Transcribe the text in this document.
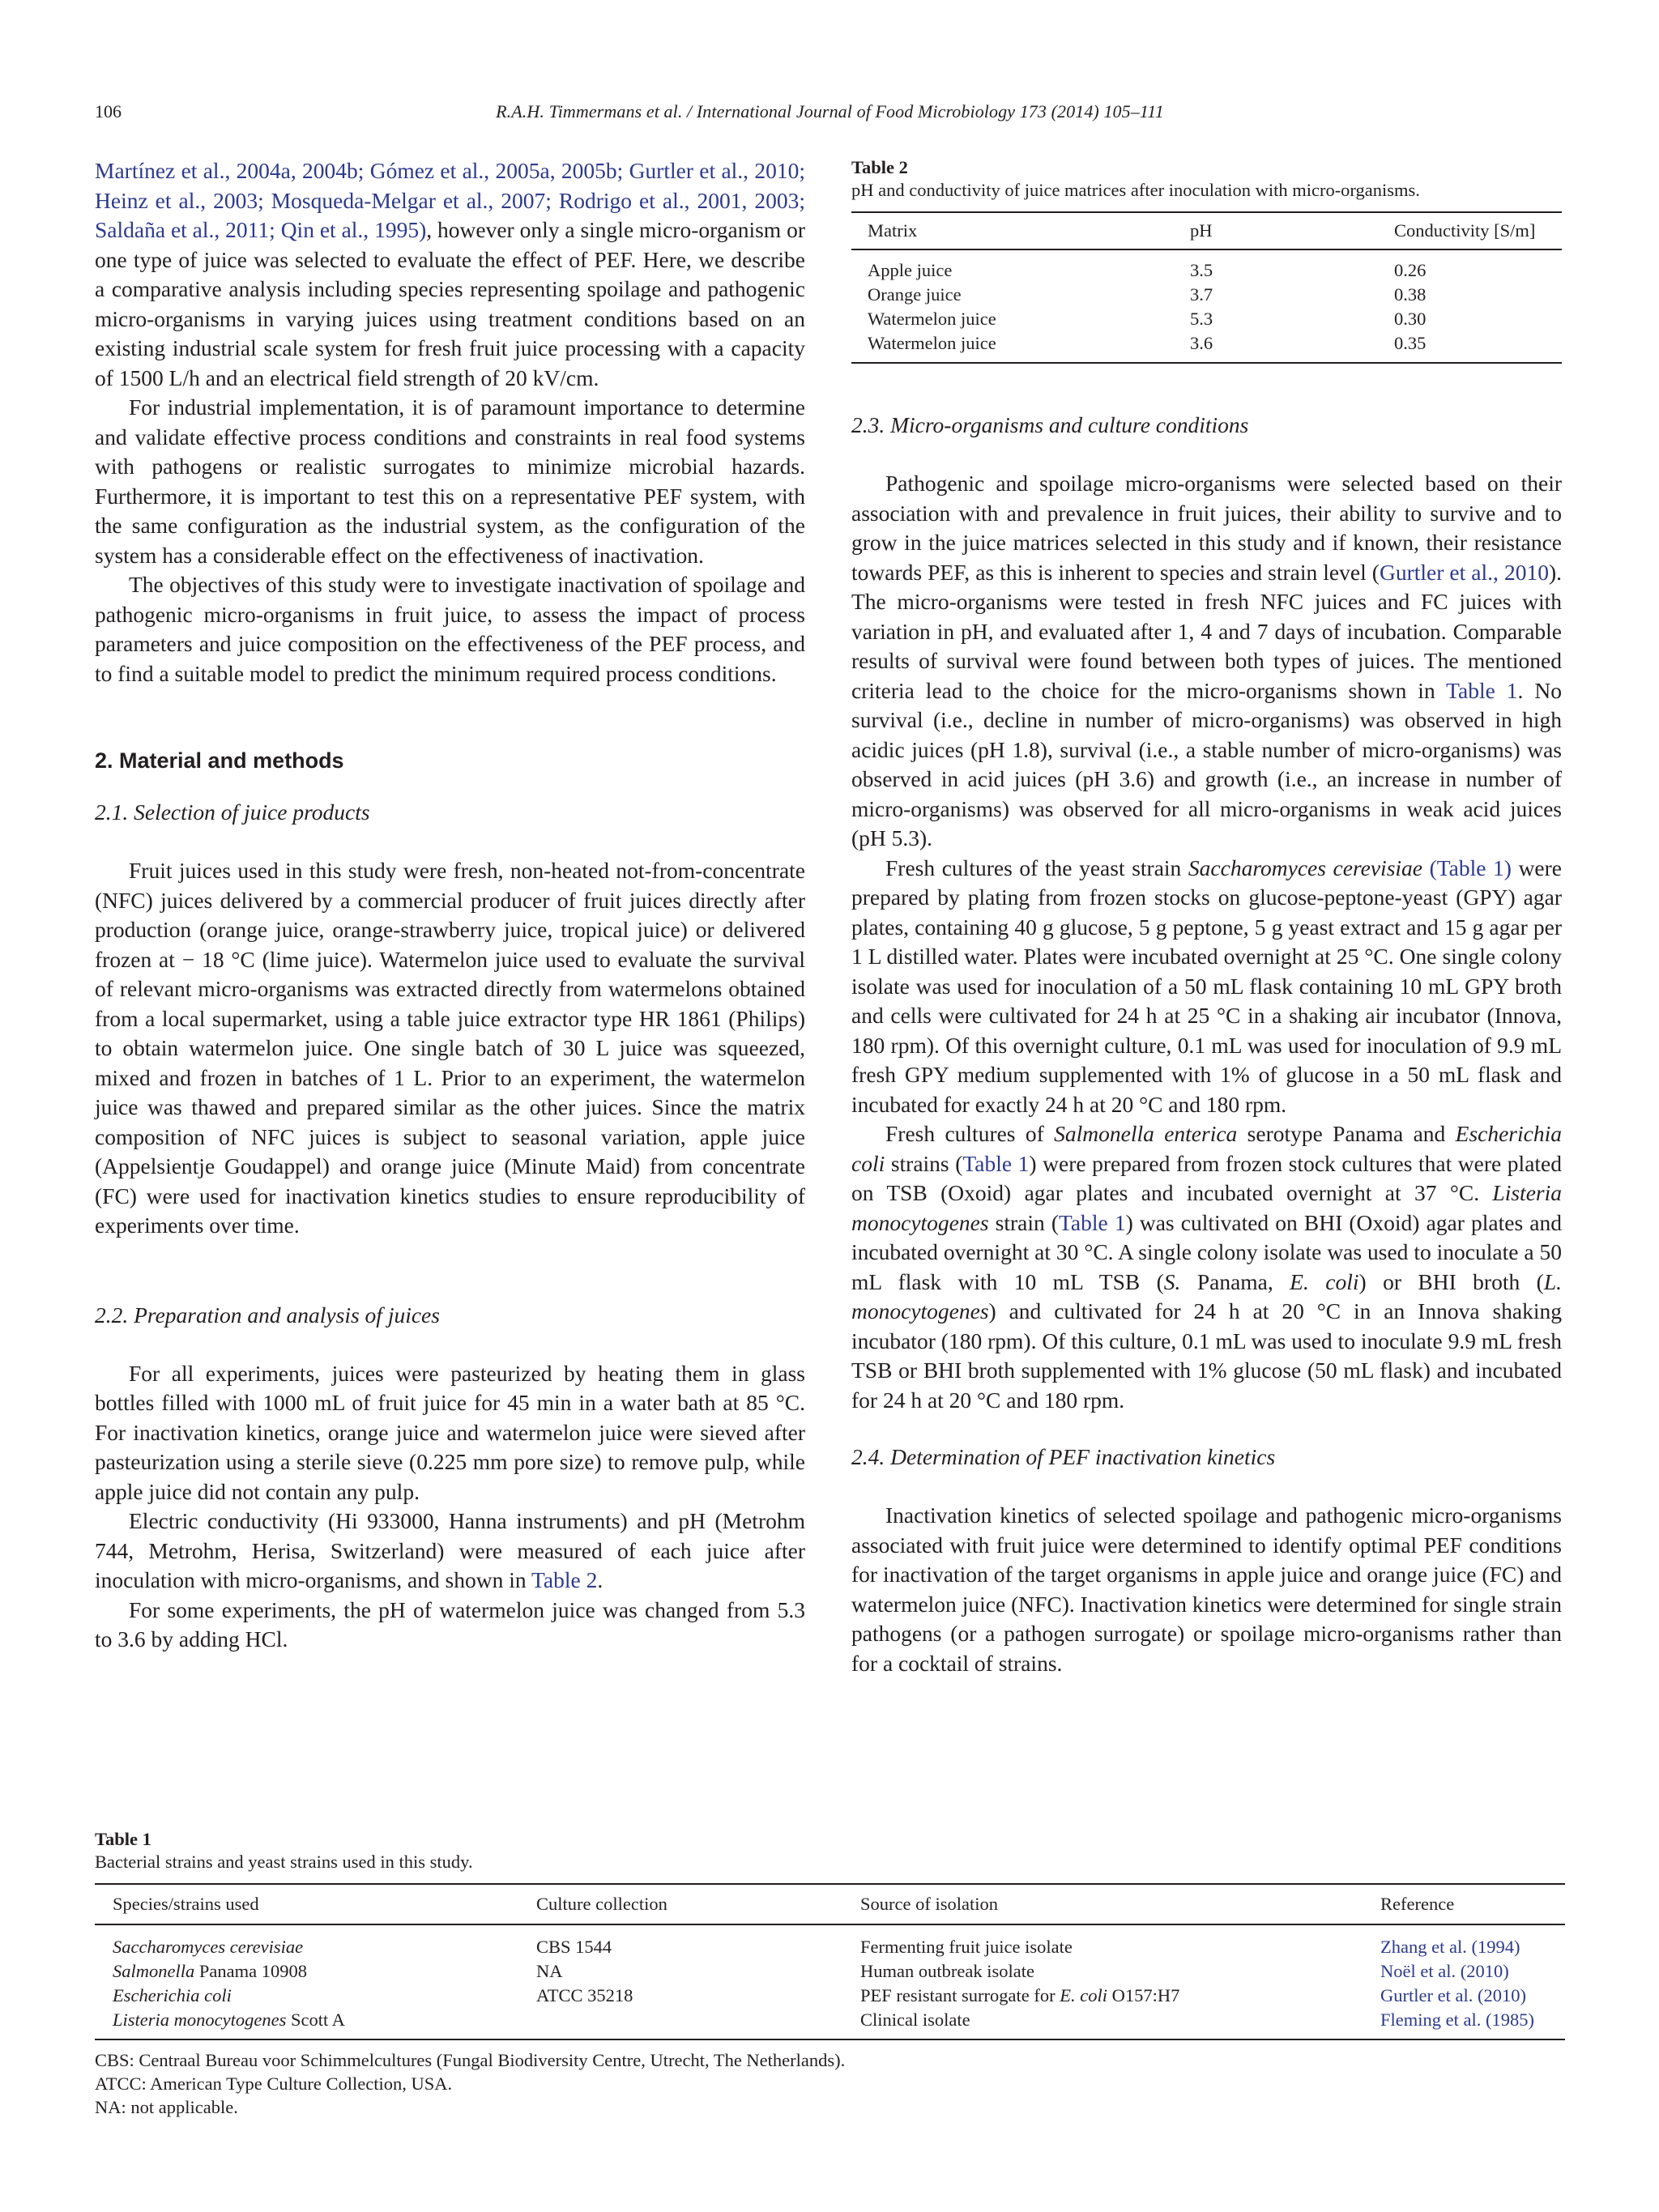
106	R.A.H. Timmermans et al. / International Journal of Food Microbiology 173 (2014) 105–111

Martínez et al., 2004a, 2004b; Gómez et al., 2005a, 2005b; Gurtler et al., 2010; Heinz et al., 2003; Mosqueda-Melgar et al., 2007; Rodrigo et al., 2001, 2003; Saldaña et al., 2011; Qin et al., 1995), however only a single micro-organism or one type of juice was selected to evaluate the effect of PEF. Here, we describe a comparative analysis including species representing spoilage and pathogenic micro-organisms in varying juices using treatment conditions based on an existing industrial scale system for fresh fruit juice processing with a capacity of 1500 L/h and an electrical field strength of 20 kV/cm.

For industrial implementation, it is of paramount importance to determine and validate effective process conditions and constraints in real food systems with pathogens or realistic surrogates to minimize microbial hazards. Furthermore, it is important to test this on a representative PEF system, with the same configuration as the industrial system, as the configuration of the system has a considerable effect on the effectiveness of inactivation.

The objectives of this study were to investigate inactivation of spoilage and pathogenic micro-organisms in fruit juice, to assess the impact of process parameters and juice composition on the effectiveness of the PEF process, and to find a suitable model to predict the minimum required process conditions.

2. Material and methods

2.1. Selection of juice products

Fruit juices used in this study were fresh, non-heated not-from-concentrate (NFC) juices delivered by a commercial producer of fruit juices directly after production (orange juice, orange-strawberry juice, tropical juice) or delivered frozen at − 18 °C (lime juice). Watermelon juice used to evaluate the survival of relevant micro-organisms was extracted directly from watermelons obtained from a local supermarket, using a table juice extractor type HR 1861 (Philips) to obtain watermelon juice. One single batch of 30 L juice was squeezed, mixed and frozen in batches of 1 L. Prior to an experiment, the watermelon juice was thawed and prepared similar as the other juices. Since the matrix composition of NFC juices is subject to seasonal variation, apple juice (Appelsientje Goudappel) and orange juice (Minute Maid) from concentrate (FC) were used for inactivation kinetics studies to ensure reproducibility of experiments over time.

2.2. Preparation and analysis of juices

For all experiments, juices were pasteurized by heating them in glass bottles filled with 1000 mL of fruit juice for 45 min in a water bath at 85 °C. For inactivation kinetics, orange juice and watermelon juice were sieved after pasteurization using a sterile sieve (0.225 mm pore size) to remove pulp, while apple juice did not contain any pulp.

Electric conductivity (Hi 933000, Hanna instruments) and pH (Metrohm 744, Metrohm, Herisa, Switzerland) were measured of each juice after inoculation with micro-organisms, and shown in Table 2.

For some experiments, the pH of watermelon juice was changed from 5.3 to 3.6 by adding HCl.

Table 2

pH and conductivity of juice matrices after inoculation with micro-organisms.

Matrix	pH	Conductivity [S/m]
Apple juice	3.5	0.26
Orange juice	3.7	0.38
Watermelon juice	5.3	0.30
Watermelon juice	3.6	0.35

2.3. Micro-organisms and culture conditions

Pathogenic and spoilage micro-organisms were selected based on their association with and prevalence in fruit juices, their ability to survive and to grow in the juice matrices selected in this study and if known, their resistance towards PEF, as this is inherent to species and strain level (Gurtler et al., 2010). The micro-organisms were tested in fresh NFC juices and FC juices with variation in pH, and evaluated after 1, 4 and 7 days of incubation. Comparable results of survival were found between both types of juices. The mentioned criteria lead to the choice for the micro-organisms shown in Table 1. No survival (i.e., decline in number of micro-organisms) was observed in high acidic juices (pH 1.8), survival (i.e., a stable number of micro-organisms) was observed in acid juices (pH 3.6) and growth (i.e., an increase in number of micro-organisms) was observed for all micro-organisms in weak acid juices (pH 5.3).

Fresh cultures of the yeast strain Saccharomyces cerevisiae (Table 1) were prepared by plating from frozen stocks on glucose-peptone-yeast (GPY) agar plates, containing 40 g glucose, 5 g peptone, 5 g yeast extract and 15 g agar per 1 L distilled water. Plates were incubated overnight at 25 °C. One single colony isolate was used for inoculation of a 50 mL flask containing 10 mL GPY broth and cells were cultivated for 24 h at 25 °C in a shaking air incubator (Innova, 180 rpm). Of this overnight culture, 0.1 mL was used for inoculation of 9.9 mL fresh GPY medium supplemented with 1% of glucose in a 50 mL flask and incubated for exactly 24 h at 20 °C and 180 rpm.

Fresh cultures of Salmonella enterica serotype Panama and Escherichia coli strains (Table 1) were prepared from frozen stock cultures that were plated on TSB (Oxoid) agar plates and incubated overnight at 37 °C. Listeria monocytogenes strain (Table 1) was cultivated on BHI (Oxoid) agar plates and incubated overnight at 30 °C. A single colony isolate was used to inoculate a 50 mL flask with 10 mL TSB (S. Panama, E. coli) or BHI broth (L. monocytogenes) and cultivated for 24 h at 20 °C in an Innova shaking incubator (180 rpm). Of this culture, 0.1 mL was used to inoculate 9.9 mL fresh TSB or BHI broth supplemented with 1% glucose (50 mL flask) and incubated for 24 h at 20 °C and 180 rpm.

2.4. Determination of PEF inactivation kinetics

Inactivation kinetics of selected spoilage and pathogenic micro-organisms associated with fruit juice were determined to identify optimal PEF conditions for inactivation of the target organisms in apple juice and orange juice (FC) and watermelon juice (NFC). Inactivation kinetics were determined for single strain pathogens (or a pathogen surrogate) or spoilage micro-organisms rather than for a cocktail of strains.

Table 1

Bacterial strains and yeast strains used in this study.

Species/strains used	Culture collection	Source of isolation	Reference
Saccharomyces cerevisiae	CBS 1544	Fermenting fruit juice isolate	Zhang et al. (1994)
Salmonella Panama 10908	NA	Human outbreak isolate	Noël et al. (2010)
Escherichia coli	ATCC 35218	PEF resistant surrogate for E. coli O157:H7	Gurtler et al. (2010)
Listeria monocytogenes Scott A		Clinical isolate	Fleming et al. (1985)

CBS: Centraal Bureau voor Schimmelcultures (Fungal Biodiversity Centre, Utrecht, The Netherlands).

ATCC: American Type Culture Collection, USA.

NA: not applicable.
